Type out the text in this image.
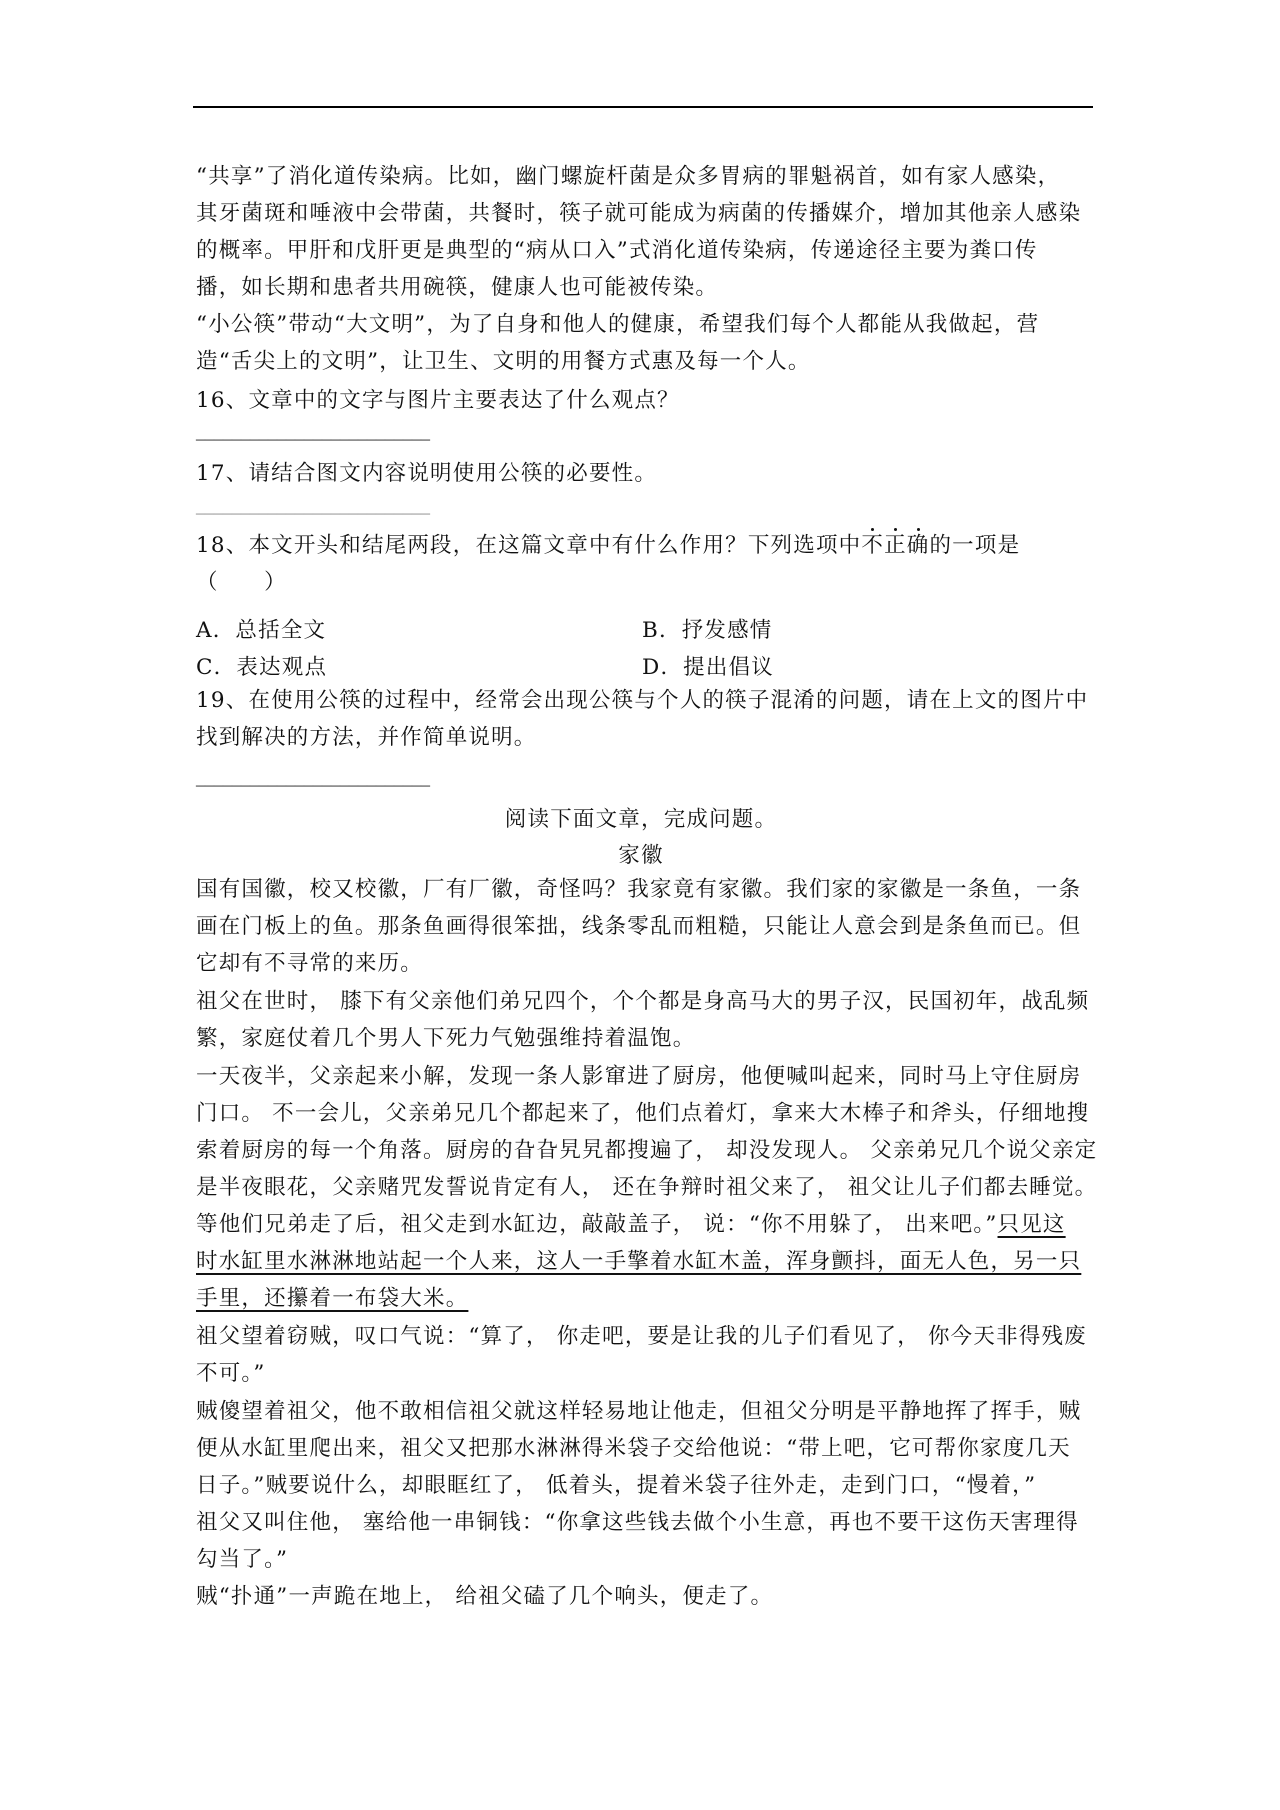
“共享”了消化道传染病。比如，幽门螺旋杆菌是众多胃病的罪魁祸首，如有家人感染，
其牙菌斑和唾液中会带菌，共餐时，筷子就可能成为病菌的传播媒介，增加其他亲人感染
的概率。甲肝和戊肝更是典型的“病从口入”式消化道传染病，传递途径主要为粪口传
播，如长期和患者共用碗筷，健康人也可能被传染。

“小公筷”带动“大文明”，为了自身和他人的健康，希望我们每个人都能从我做起，营
造“舌尖上的文明”，让卫生、文明的用餐方式惠及每一个人。

16、文章中的文字与图片主要表达了什么观点？

__________________________

17、请结合图文内容说明使用公筷的必要性。

__________________________

18、本文开头和结尾两段，在这篇文章中有什么作用？下列选项中不正确的一项是
（　　）

A．总括全文	B．抒发感情
C．表达观点	D．提出倡议

19、在使用公筷的过程中，经常会出现公筷与个人的筷子混淆的问题，请在上文的图片中
找到解决的方法，并作简单说明。

__________________________
阅读下面文章，完成问题。
家徽

国有国徽，校又校徽，厂有厂徽，奇怪吗？我家竟有家徽。我们家的家徽是一条鱼，一条
画在门板上的鱼。那条鱼画得很笨拙，线条零乱而粗糙，只能让人意会到是条鱼而已。但
它却有不寻常的来历。

祖父在世时， 膝下有父亲他们弟兄四个，个个都是身高马大的男子汉，民国初年，战乱频
繁，家庭仗着几个男人下死力气勉强维持着温饱。

一天夜半，父亲起来小解，发现一条人影窜进了厨房，他便喊叫起来，同时马上守住厨房
门口。 不一会儿，父亲弟兄几个都起来了，他们点着灯，拿来大木棒子和斧头，仔细地搜
索着厨房的每一个角落。厨房的旮旮旯旯都搜遍了， 却没发现人。 父亲弟兄几个说父亲定
是半夜眼花，父亲赌咒发誓说肯定有人， 还在争辩时祖父来了， 祖父让儿子们都去睡觉。

等他们兄弟走了后，祖父走到水缸边，敲敲盖子， 说：“你不用躲了， 出来吧。”只见这
时水缸里水淋淋地站起一个人来，这人一手擎着水缸木盖，浑身颤抖，面无人色，另一只
手里，还攥着一布袋大米。

祖父望着窃贼，叹口气说：“算了， 你走吧，要是让我的儿子们看见了， 你今天非得残废
不可。”

贼傻望着祖父，他不敢相信祖父就这样轻易地让他走，但祖父分明是平静地挥了挥手，贼
便从水缸里爬出来，祖父又把那水淋淋得米袋子交给他说：“带上吧，它可帮你家度几天
日子。”贼要说什么，却眼眶红了， 低着头，提着米袋子往外走，走到门口，“慢着，”
祖父又叫住他， 塞给他一串铜钱：“你拿这些钱去做个小生意，再也不要干这伤天害理得
勾当了。”

贼“扑通”一声跪在地上， 给祖父磕了几个响头，便走了。
